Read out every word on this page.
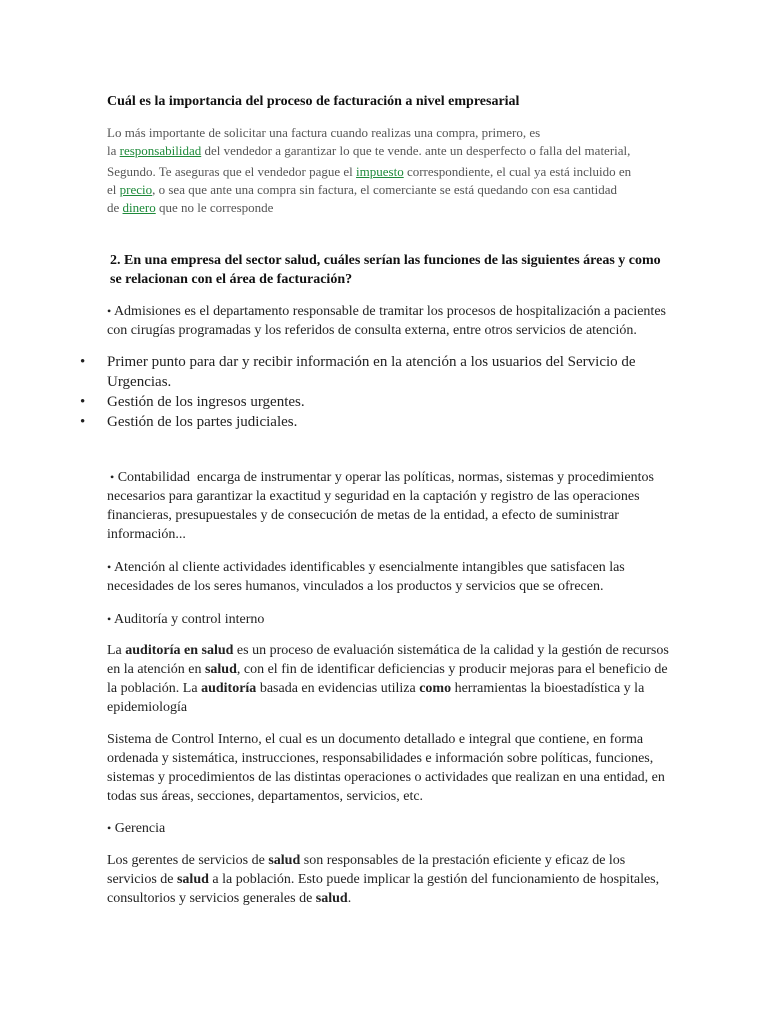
Cuál es la importancia del proceso de facturación a nivel empresarial
Lo más importante de solicitar una factura cuando realizas una compra, primero, es
la responsabilidad del vendedor a garantizar lo que te vende. ante un desperfecto o falla del material,
Segundo. Te aseguras que el vendedor pague el impuesto correspondiente, el cual ya está incluido en
el precio, o sea que ante una compra sin factura, el comerciante se está quedando con esa cantidad
de dinero que no le corresponde
2. En una empresa del sector salud, cuáles serían las funciones de las siguientes áreas y como
se relacionan con el área de facturación?
• Admisiones es el departamento responsable de tramitar los procesos de hospitalización a pacientes
con cirugías programadas y los referidos de consulta externa, entre otros servicios de atención.
• Primer punto para dar y recibir información en la atención a los usuarios del Servicio de
Urgencias.
• Gestión de los ingresos urgentes.
• Gestión de los partes judiciales.
• Contabilidad  encarga de instrumentar y operar las políticas, normas, sistemas y procedimientos
necesarios para garantizar la exactitud y seguridad en la captación y registro de las operaciones
financieras, presupuestales y de consecución de metas de la entidad, a efecto de suministrar
información...
• Atención al cliente actividades identificables y esencialmente intangibles que satisfacen las
necesidades de los seres humanos, vinculados a los productos y servicios que se ofrecen.
• Auditoría y control interno
La auditoría en salud es un proceso de evaluación sistemática de la calidad y la gestión de recursos
en la atención en salud, con el fin de identificar deficiencias y producir mejoras para el beneficio de
la población. La auditoría basada en evidencias utiliza como herramientas la bioestadística y la
epidemiología
Sistema de Control Interno, el cual es un documento detallado e integral que contiene, en forma
ordenada y sistemática, instrucciones, responsabilidades e información sobre políticas, funciones,
sistemas y procedimientos de las distintas operaciones o actividades que realizan en una entidad, en
todas sus áreas, secciones, departamentos, servicios, etc.
• Gerencia
Los gerentes de servicios de salud son responsables de la prestación eficiente y eficaz de los
servicios de salud a la población. Esto puede implicar la gestión del funcionamiento de hospitales,
consultorios y servicios generales de salud.
